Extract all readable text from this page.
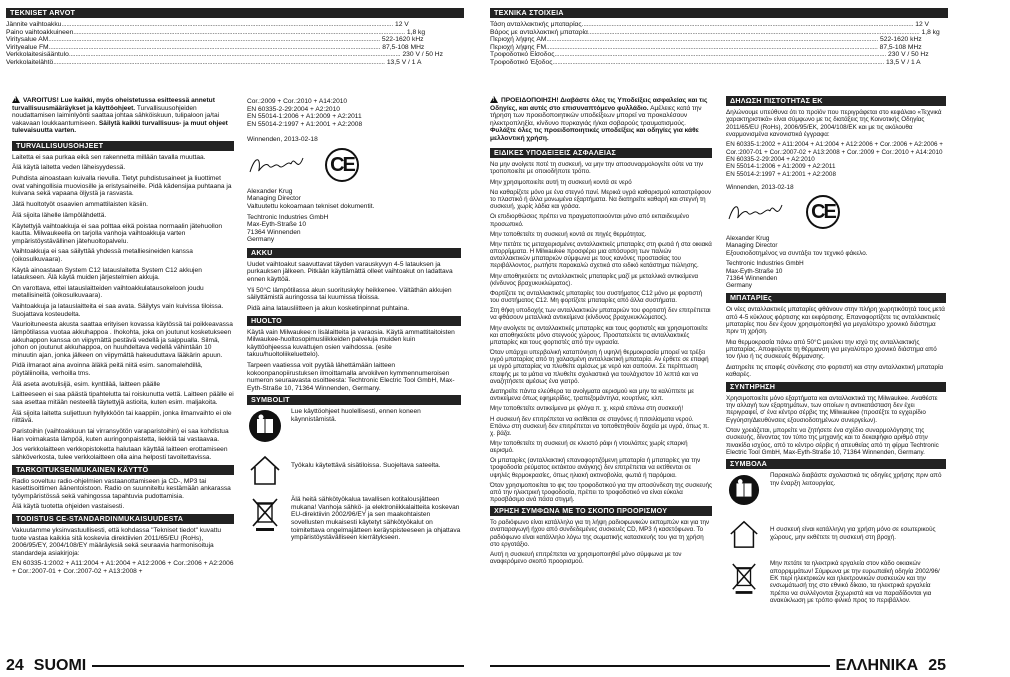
TEKNISET ARVOT
Jännite vaihtoakku ........................................................................................................................................................................................................ 12 V
Paino vaihtoakkuineen ........................................................................................................................................................................................................ 1,8 kg
Viritysalue AM ........................................................................................................................................................................................................ 522-1620 kHz
Virityealue FM ........................................................................................................................................................................................................ 87,5-108 MHz
Verkkolaitesisääntulo ........................................................................................................................................................................................................ 230 V / 50 Hz
Verkkolaitelähtö ........................................................................................................................................................................................................ 13,5 V / 1 A

!VAROITUS! Lue kaikki, myös oheistetussa esitteessä annetut turvallisuusmääräykset ja käyttöohjeet. Turvallisuusohjeiden noudattamisen laiminlyönti saattaa johtaa sähköiskuun, tulipaloon ja/tai vakavaan loukkaantumiseen. Säilytä kaikki turvallisuus- ja muut ohjeet tulevaisuutta varten.

TURVALLISUUSOHJEET

Laitetta ei saa purkaa eikä sen rakennetta millään tavalla muuttaa.

Älä käytä laitetta veden läheisyydessä.

Puhdista ainoastaan kuivalla rievulla. Tietyt puhdistusaineet ja liuottimet ovat vahingollisia muoviosille ja eristysaineille. Pidä kädensijaa puhtaana ja kuivana sekä vapaana öljystä ja rasvasta.

Jätä huoltotyöt osaavien ammattilaisten käsiin.

Älä sijoita lähelle lämpölähdettä.

Käytettyjä vaihtoakkuja ei saa polttaa eikä poistaa normaalin jätehuollon kautta. Milwaukeella on tarjolla vanhoja vaihtoakkuja varten ympäristöystävällinen jätehuoltopalvelu.

Vaihtoakkuja ei saa säilyttää yhdessä metalliesineiden kanssa (oikosulkuvaara).

Käytä ainoastaan System C12 latauslaitetta System C12 akkujen lataukseen. Älä käytä muiden järjestelmien akkuja.

On varottava, ettei latauslaitteiden vaihtoakkulatausokeloon joudu metallisineitä (oikosulkuvaara).

Vaihtoakkuja ja latauslaitteita ei saa avata. Säilytys vain kuivissa tiloissa. Suojattava kosteudelta.

Vaurioituneesta akusta saattaa erityisen kovassa käytössä tai poikkeavassa lämpötilassa vuotaa akkuhappoa . Ihokohta, joka on joutunut kosketukseen akkuhappon kanssa on viipymättä pestävä vedellä ja saippualla. Silmä, johon on joutunut akkuhappoa, on huuhdeltava vedellä vähintään 10 minuutin ajan, jonka jälkeen on viipymättä hakeuduttava lääkärin apuun.

Pidä ilmaraot aina avoinna äläkä peitä niitä esim. sanomalehdillä, pöytäliinoilla, verhoilla tms.

Älä aseta avotulisijä, esim. kynttilää, laitteen päälle

Laitteeseen ei saa päästä tipahtelutta tai roiskunutta vettä. Laitteen päälle ei saa asettaa mitään nesteellä täytettyjä astioita, kuten esim. maljakoita.

Älä sijoita laitetta suljettuun hyllykköön tai kaappiin, jonka ilmanvaihto ei ole riittävä.

Paristoihin (vaihtoakkuun tai virransyötön varaparistoihin) ei saa kohdistua liian voimakasta lämpöä, kuten auringonpaistetta, liekkiä tai vastaavaa.

Jos verkkolaitteen verkkopistoketta halutaan käyttää laitteen erottamiseen sähköverkosta, tulee verkkolaitteen olla aina helposti tavoitettavissa.

TARKOITUKSENMUKAINEN KÄYTTÖ

Radio soveltuu radio-ohjelmien vastaanottamiseen ja CD-, MP3 tai kasettisoittimen äänentoistoon. Radio on suunniteltu kestämään ankarassa työympäristössä sekä vahingossa tapahtuvia pudottamisia.

Älä käytä tuotetta ohjeiden vastaisesti.

TODISTUS CE-STANDARDINMUKAISUUDESTA

Vakuutamme yksinvastuullisesti, että kohdassa "Tekniset tiedot" kuvattu tuote vastaa kaikkia sitä koskevia direktiivien 2011/65/EU (RoHs), 2006/95/EY, 2004/108/EY määräyksiä sekä seuraavia harmonisoituja standardeja asiakirjoja:

EN 60335-1:2002 + A11:2004 + A1:2004 + A12:2006 + Cor.:2006 + A2:2006 + Cor.:2007-01 + Cor.:2007-02 + A13:2008 +

Cor.:2009 + Cor.:2010 + A14:2010
EN 60335-2-29:2004 + A2:2010
EN 55014-1:2006 + A1:2009 + A2:2011
EN 55014-2:1997 + A1:2001 + A2:2008

Winnenden, 2013-02-18

CE
Alexander Krug
Managing Director

Valtuutettu kokoamaan tekniset dokumentit.

Techtronic Industries GmbH
Max-Eyth-Straße 10
71364 Winnenden
Germany
AKKU

Uudet vaihtoakut saavuttavat täyden varauskyvyn 4-5 latauksen ja purkauksen jälkeen. Pitkään käyttämättä olleet vaihtoakut on ladattava ennen käyttöä.

Yli 50°C lämpötilassa akun suorituskyky heikkenee. Vältäthän akkujen säilyttämistä auringossa tai kuumissa tiloissa.

Pidä aina latausliitteen ja akun kosketinpinnat puhtaina.

HUOLTO

Käytä vain Milwaukee:n lisälaitteita ja varaosia. Käytä ammattitaitoisten Milwaukee-huoltosopimusliikkeiden palveluja muiden kuin käyttöohjeessa kuvattujen osien vaihdossa. (esite takuu/huoltoliikeluettelo).

Tarpeen vaatiessa voit pyytää lähettämään laitteen kokoonpanopiirustuksen ilmoittamalla arvokilven kymmennumeroisen numeron seuraavasta osoitteesta: Techtronic Electric Tool GmbH, Max-Eyth-Straße 10, 71364 Winnenden, Germany.

SYMBOLIT
Lue käyttöohjeet huolellisesti, ennen koneen käynnistämistä.
Työkalu käytettävä sisätiloissa. Suojeltava sateelta.
Älä heitä sähkötyökalua tavallisen kotitalousjätteen mukana! Vanhoja sähkö- ja elektroniikkalaitteita koskevan EU-direktiivin 2002/96/EY ja sen maakohtaisten sovellusten mukaisesti käytetyt sähkötyökalut on toimitettava ongelmajätteen keräyspisteeseen ja ohjattava ympäristöystävälliseen kierrätykseen.
24 SUOMI
ΤΕΧΝΙΚΑ ΣΤΟΙΧΕΙΑ
Τάση ανταλλακτικής μπαταρίας ........................................................................................................................................................................................................ 12 V
Βάρος με ανταλλακτική μπαταρία ........................................................................................................................................................................................................ 1,8 kg
Περιοχή λήψης AM ........................................................................................................................................................................................................ 522-1620 kHz
Περιοχή λήψης FM ........................................................................................................................................................................................................ 87,5-108 MHz
Τροφοδοτικό Είσοδος ........................................................................................................................................................................................................ 230 V / 50 Hz
Τροφοδοτικό Έξοδος ........................................................................................................................................................................................................ 13,5 V / 1 A

!ΠΡΟΕΙΔΟΠΟΙΗΣΗ! Διαβάστε όλες τις Υποδείξεις ασφαλείας και τις Οδηγίες, και αυτές στο επισυναπτόμενο φυλλάδιο. Αμέλειες κατά την τήρηση των προειδοποιητικών υποδείξεων μπορεί να προκαλέσουν ηλεκτροπληξία, κίνδυνο πυρκαγιάς ή/και σοβαρούς τραυματισμούς. Φυλάξτε όλες τις προειδοποιητικές υποδείξεις και οδηγίες για κάθε μελλοντική χρήση.

ΕΙΔΙΚΕΣ ΥΠΟΔΕΙΞΕΙΣ ΑΣΦΑΛΕΙΑΣ

Να μην ανοίγετε ποτέ τη συσκευή, να μην την αποσυναρμολογείτε ούτε να την τροποποιείτε με οποιοδήποτε τρόπο.

Μην χρησιμοποιείτε αυτή τη συσκευή κοντά σε νερό

Να καθαρίζετε μόνο με ένα στεγνό πανί. Μερικά υγρά καθαρισμού καταστρέφουν το πλαστικό ή άλλα μονωμένα εξαρτήματα. Να διατηρείτε καθαρή και στεγνή τη συσκευή, χωρίς λάδια και γράσα.

Οι επιδιορθώσεις πρέπει να πραγματοποιούνται μόνο από εκπαιδευμένο προσωπικό.

Μην τοποθετείτε τη συσκευή κοντά σε πηγές θερμότητας.

Μην πετάτε τις μεταχειρισμένες ανταλλακτικές μπαταρίες στη φωτιά ή στα οικιακά απορρίμματα. Η Milwaukee προσφέρει μια απόσυρση των παλιών ανταλλακτικών μπαταριών σύμφωνα με τους κανόνες προστασίας του περιβάλλοντος, ρωτήστε παρακαλώ σχετικά στο ειδικό κατάστημα πώλησης.

Μην αποθηκεύετε τις ανταλλακτικές μπαταρίες μαζί με μεταλλικά αντικείμενα (κίνδυνος βραχυκυκλώματος).

Φορτίζετε τις ανταλλακτικές μπαταρίες του συστήματος C12 μόνο με φορτιστή του συστήματος C12. Μη φορτίζετε μπαταρίες από άλλα συστήματα.

Στη θήκη υποδοχής των ανταλλακτικών μπαταριών του φορτιστή δεν επιτρέπεται να φθάσουν μεταλλικά αντικείμενα (κίνδυνος βραχυκυκλώματος).

Μην ανοίγετε τις ανταλλακτικές μπαταρίες και τους φορτιστές και χρησιμοποιείτε και αποθηκεύετε μόνο στεγνούς χώρους. Προστατεύετε τις ανταλλακτικές μπαταρίες και τους φορτιστές από την υγρασία.

Όταν υπάρχει υπερβολική καταπόνηση ή υψηλή θερμοκρασία μπορεί να τρέξει υγρό μπαταρίας από τη χαλασμένη ανταλλακτική μπαταρία. Αν έρθετε σε επαφή με υγρό μπαταρίας να πλυθείτε αμέσως με νερό και σαπούνι. Σε περίπτωση επαφής με τα μάτια να πλυθείτε σχολαστικά για τουλάχιστον 10 λεπτά και να αναζητήσετε αμέσως ένα γιατρό.

Διατηρείτε πάντα ελεύθερα τα ανοίγματα αερισμού και μην τα καλύπτετε με αντικείμενα όπως εφημερίδες, τραπεζομάντηλα, κουρτίνες, κλπ.

Μην τοποθετείτε αντικείμενα με φλόγα π. χ. κεριά επάνω στη συσκευή!

Η συσκευή δεν επιτρέπεται να εκτίθεται σε σταγόνες ή πιτσιλίσματα νερού. Επάνω στη συσκευή δεν επιτρέπεται να τοποθετηθούν δοχεία με υγρά, όπως π. χ. βάζα.

Μην τοποθετείτε τη συσκευή σε κλειστό ράφι ή ντουλάπες χωρίς επαρκή αερισμό.

Οι μπαταρίες (ανταλλακτική επαναφορτιζόμενη μπαταρία ή μπαταρίες για την τροφοδοσία ρεύματος εκτάκτου ανάγκης) δεν επιτρέπεται να εκτίθενται σε υψηλές θερμοκρασίες, όπως ηλιακή ακτινοβολία, φωτιά ή παρόμοια.

Όταν χρησιμοποιείται το φις του τροφοδοτικού για την αποσύνδεση της συσκευής από την ηλεκτρική τροφοδοσία, πρέπει το τροφοδοτικό να είναι εύκολα προσβάσιμο ανά πάσα στιγμή.

ΧΡΗΣΗ ΣΥΜΦΩΝΑ ΜΕ ΤΟ ΣΚΟΠΟ ΠΡΟΟΡΙΣΜΟΥ

Το ραδιόφωνο είναι κατάλληλο για τη λήψη ραδιοφωνικών εκπομπών και για την αναπαραγωγή ήχου από συνδεδεμένες συσκευές CD, MP3 ή κασετόφωνα. Το ραδιόφωνο είναι κατάλληλο λόγω της σωματικής κατασκευής του για τη χρήση στο εργοτάξιο.

Αυτή η συσκευή επιτρέπεται να χρησιμοποιηθεί μόνο σύμφωνα με τον αναφερόμενο σκοπό προορισμού.

ΔΗΛΩΣΗ ΠΙΣΤΟΤΗΤΑΣ ΕΚ

Δηλώνουμε υπεύθυνα ότι το προϊόν που περιγράφεται στο κεφάλαιο «Τεχνικά χαρακτηριστικά» είναι σύμφωνο με τις διατάξεις της Κοινοτικής Οδηγίας 2011/65/EU (RoHs), 2006/95/EK, 2004/108/EK και με τις ακόλουθα εναρμονισμένα κανονιστικά έγγραφα:

EN 60335-1:2002 + A11:2004 + A1:2004 + A12:2006 + Cor.:2006 + A2:2006 + Cor.:2007-01 + Cor.:2007-02 + A13:2008 + Cor.:2009 + Cor.:2010 + A14:2010
EN 60335-2-29:2004 + A2:2010
EN 55014-1:2006 + A1:2009 + A2:2011
EN 55014-2:1997 + A1:2001 + A2:2008

Winnenden, 2013-02-18

CE
Alexander Krug
Managing Director

Εξουσιοδοτημένος να συντάξει τον τεχνικό φάκελο.

Techtronic Industries GmbH
Max-Eyth-Straße 10
71364 Winnenden
Germany
ΜΠΑΤΑΡΙΕς

Οι νέες ανταλλακτικές μπαταρίες φθάνουν στην πλήρη χωρητικότητά τους μετά από 4-5 κύκλους φόρτισης και εκφόρτισης. Επαναφορτίζετε τις ανταλλακτικές μπαταρίες που δεν έχουν χρησιμοποιηθεί για μεγαλύτερο χρονικό διάστημα πριν τη χρήση.

Μια θερμοκρασία πάνω από 50°C μειώνει την ισχύ της ανταλλακτικής μπαταρίας. Αποφεύγετε τη θέρμανση για μεγαλύτερο χρονικό διάστημα από τον ήλιο ή τις συσκευές θέρμανσης.

Διατηρείτε τις επαφές σύνδεσης στο φορτιστή και στην ανταλλακτική μπαταρία καθαρές.

ΣΥΝΤΗΡΗΣΗ

Χρησιμοποιείτε μόνο εξαρτήματα και ανταλλακτικά της Milwaukee. Αναθέστε την αλλαγή των εξαρτημάτων, των οποίων η αντικατάσταση δεν έχει περιγραφεί, σ' ένα κέντρο σέρβις της Milwaukee (προσέξτε το εγχειρίδιο Εγγύηση/Διευθύνσεις εξουσιοδοτημένων συνεργείων).

Όταν χρειάζεται, μπορείτε να ζητήσετε ένα σχέδιο συναρμολόγησης της συσκευής, δίνοντας τον τύπο της μηχανής και το δεκαψήφιο αριθμό στην πινακίδα ισχύος, από το κέντρο σέρβις ή απευθείας από τη φίρμα Techtronic Electric Tool GmbH, Max-Eyth-Straße 10, 71364 Winnenden, Germany.

ΣΥΜΒΟΛΑ
Παρακαλώ διαβάστε σχολαστικά τις οδηγίες χρήσης πριν από την έναρξη λειτουργίας.
Η συσκευή είναι κατάλληλη για χρήση μόνο σε εσωτερικούς χώρους, μην εκθέτετε τη συσκευή στη βροχή.
Μην πετάτε τα ηλεκτρικά εργαλεία στον κάδο οικιακών απορριμμάτων! Σύμφωνα με την ευρωπαϊκή οδηγία 2002/96/ ΕΚ περί ηλεκτρικών και ηλεκτρονικών συσκευών και την ενσωμάτωσή της στο εθνικό δίκαιο, τα ηλεκτρικά εργαλεία πρέπει να συλλέγονται ξεχωριστά και να παραδίδονται για ανακύκλωση με τρόπο φιλικό προς το περιβάλλον.
ΕΛΛΗΝΙΚΑ 25
